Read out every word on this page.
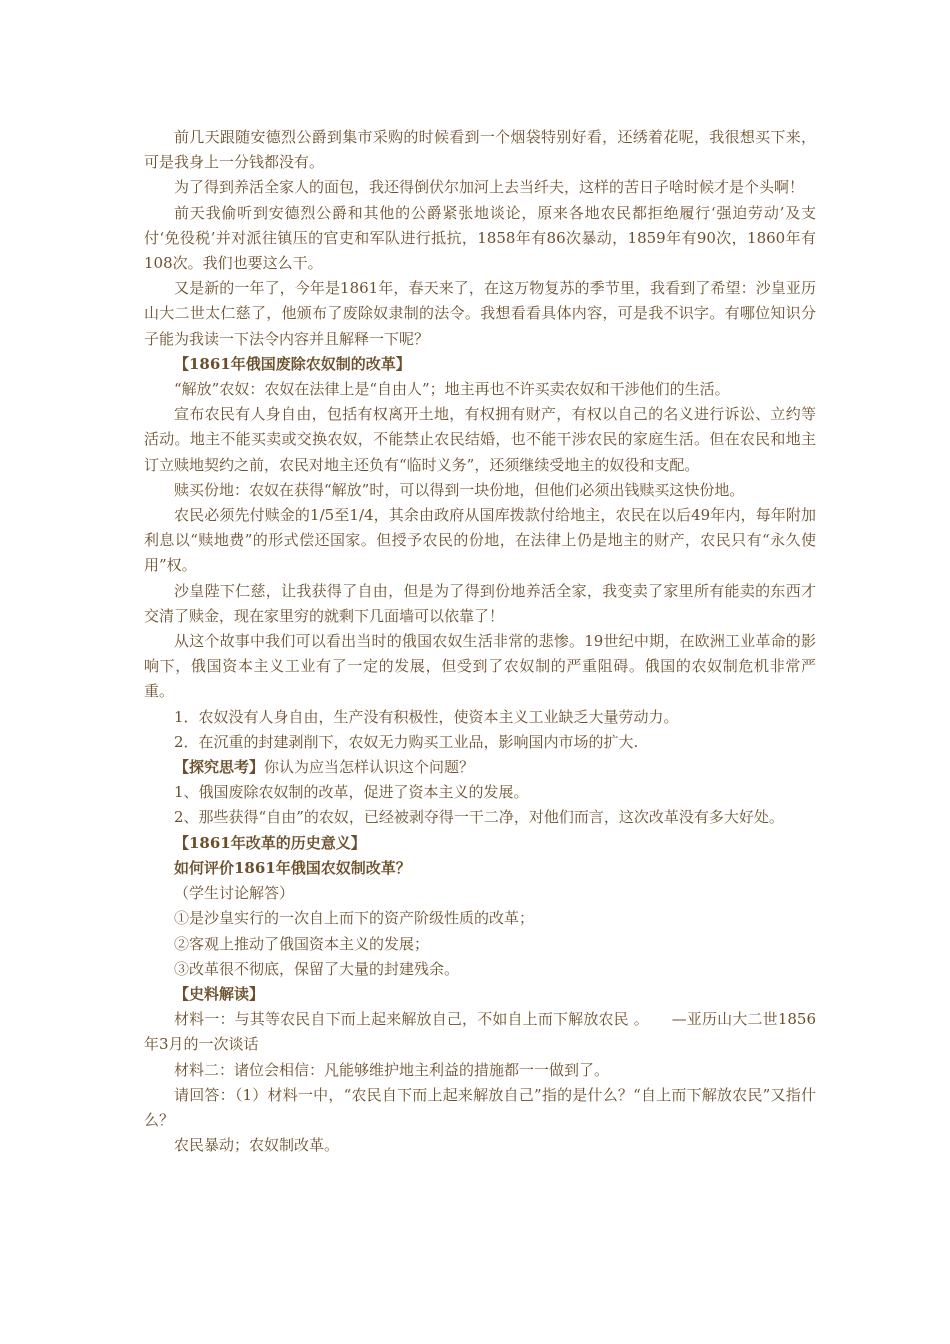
前几天跟随安德烈公爵到集市采购的时候看到一个烟袋特别好看，还绣着花呢，我很想买下来，可是我身上一分钱都没有。

为了得到养活全家人的面包，我还得倒伏尔加河上去当纤夫，这样的苦日子啥时候才是个头啊！

前天我偷听到安德烈公爵和其他的公爵紧张地谈论，原来各地农民都拒绝履行‘强迫劳动’及支付‘免役税’并对派往镇压的官吏和军队进行抵抗，1858年有86次暴动，1859年有90次，1860年有108次。我们也要这么干。

又是新的一年了，今年是1861年，春天来了，在这万物复苏的季节里，我看到了希望：沙皇亚历山大二世太仁慈了，他颁布了废除奴隶制的法令。我想看看具体内容，可是我不识字。有哪位知识分子能为我读一下法令内容并且解释一下呢？

【1861年俄国废除农奴制的改革】

“解放”农奴：农奴在法律上是“自由人”；地主再也不许买卖农奴和干涉他们的生活。

宣布农民有人身自由，包括有权离开土地，有权拥有财产，有权以自己的名义进行诉讼、立约等活动。地主不能买卖或交换农奴，不能禁止农民结婚，也不能干涉农民的家庭生活。但在农民和地主订立赎地契约之前，农民对地主还负有“临时义务”，还须继续受地主的奴役和支配。

赎买份地：农奴在获得“解放”时，可以得到一块份地，但他们必须出钱赎买这快份地。

农民必须先付赎金的1/5至1/4，其余由政府从国库拨款付给地主，农民在以后49年内，每年附加利息以“赎地费”的形式偿还国家。但授予农民的份地，在法律上仍是地主的财产，农民只有“永久使用”权。

沙皇陛下仁慈，让我获得了自由，但是为了得到份地养活全家，我变卖了家里所有能卖的东西才交清了赎金，现在家里穷的就剩下几面墙可以依靠了！

从这个故事中我们可以看出当时的俄国农奴生活非常的悲惨。19世纪中期，在欧洲工业革命的影响下，俄国资本主义工业有了一定的发展，但受到了农奴制的严重阻碍。俄国的农奴制危机非常严重。

1．农奴没有人身自由，生产没有积极性，使资本主义工业缺乏大量劳动力。

2．在沉重的封建剥削下，农奴无力购买工业品，影响国内市场的扩大.

【探究思考】你认为应当怎样认识这个问题？

1、俄国废除农奴制的改革，促进了资本主义的发展。

2、那些获得“自由”的农奴，已经被剥夺得一干二净，对他们而言，这次改革没有多大好处。

【1861年改革的历史意义】

如何评价1861年俄国农奴制改革？

（学生讨论解答）

①是沙皇实行的一次自上而下的资产阶级性质的改革；

②客观上推动了俄国资本主义的发展；

③改革很不彻底，保留了大量的封建残余。

【史料解读】

材料一：与其等农民自下而上起来解放自己，不如自上而下解放农民 。　　—亚历山大二世1856年3月的一次谈话

材料二：诸位会相信：凡能够维护地主利益的措施都一一做到了。

请回答：（1）材料一中，“农民自下而上起来解放自己”指的是什么？“自上而下解放农民”又指什么？

农民暴动；农奴制改革。
